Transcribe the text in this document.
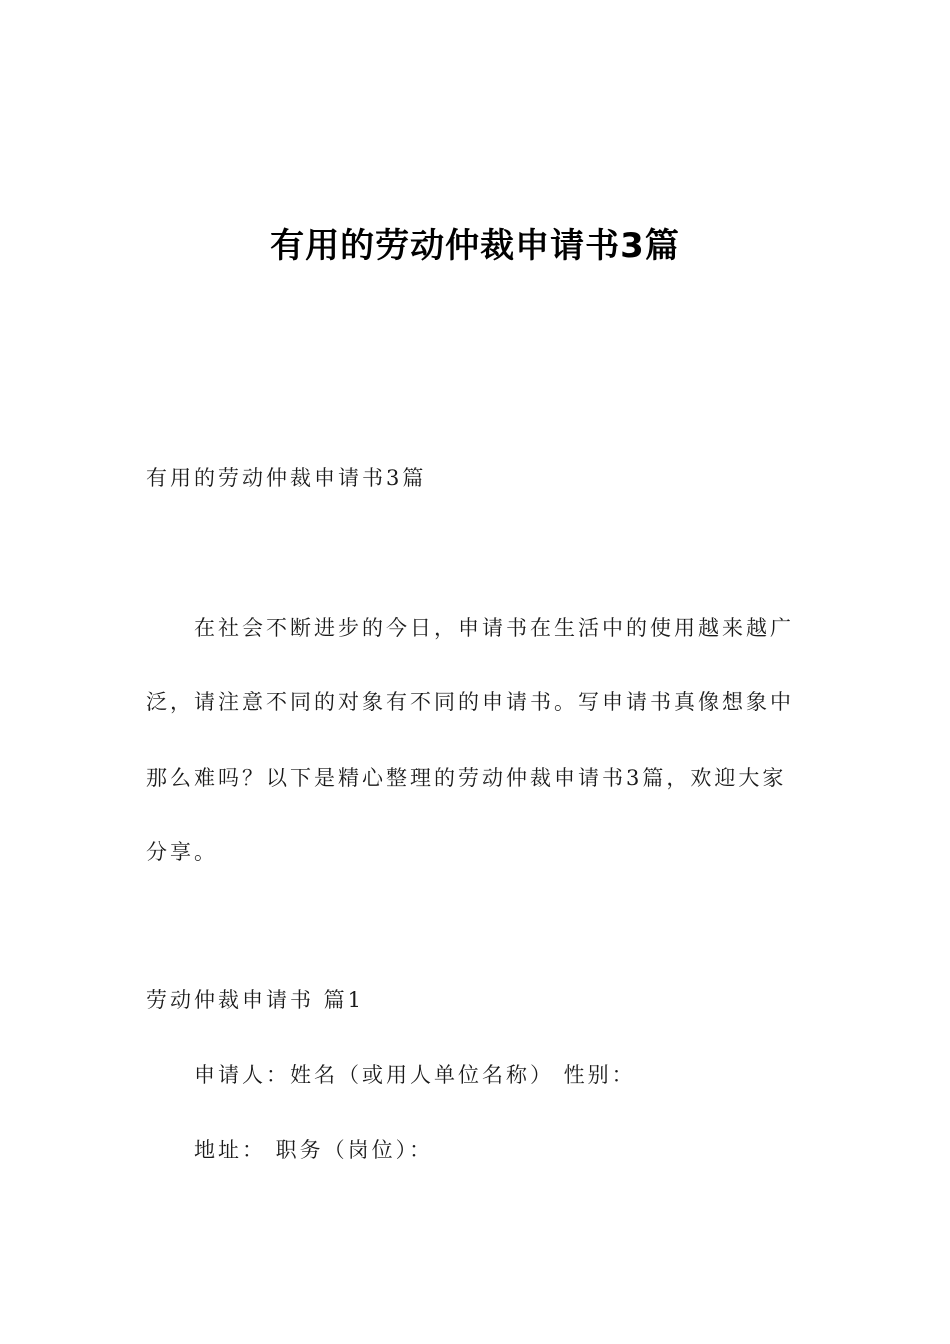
有用的劳动仲裁申请书3篇
有用的劳动仲裁申请书3篇
在社会不断进步的今日，申请书在生活中的使用越来越广
泛，请注意不同的对象有不同的申请书。写申请书真像想象中
那么难吗？以下是精心整理的劳动仲裁申请书3篇，欢迎大家
分享。
劳动仲裁申请书 篇1
申请人：姓名（或用人单位名称） 性别：
地址： 职务（岗位）：
